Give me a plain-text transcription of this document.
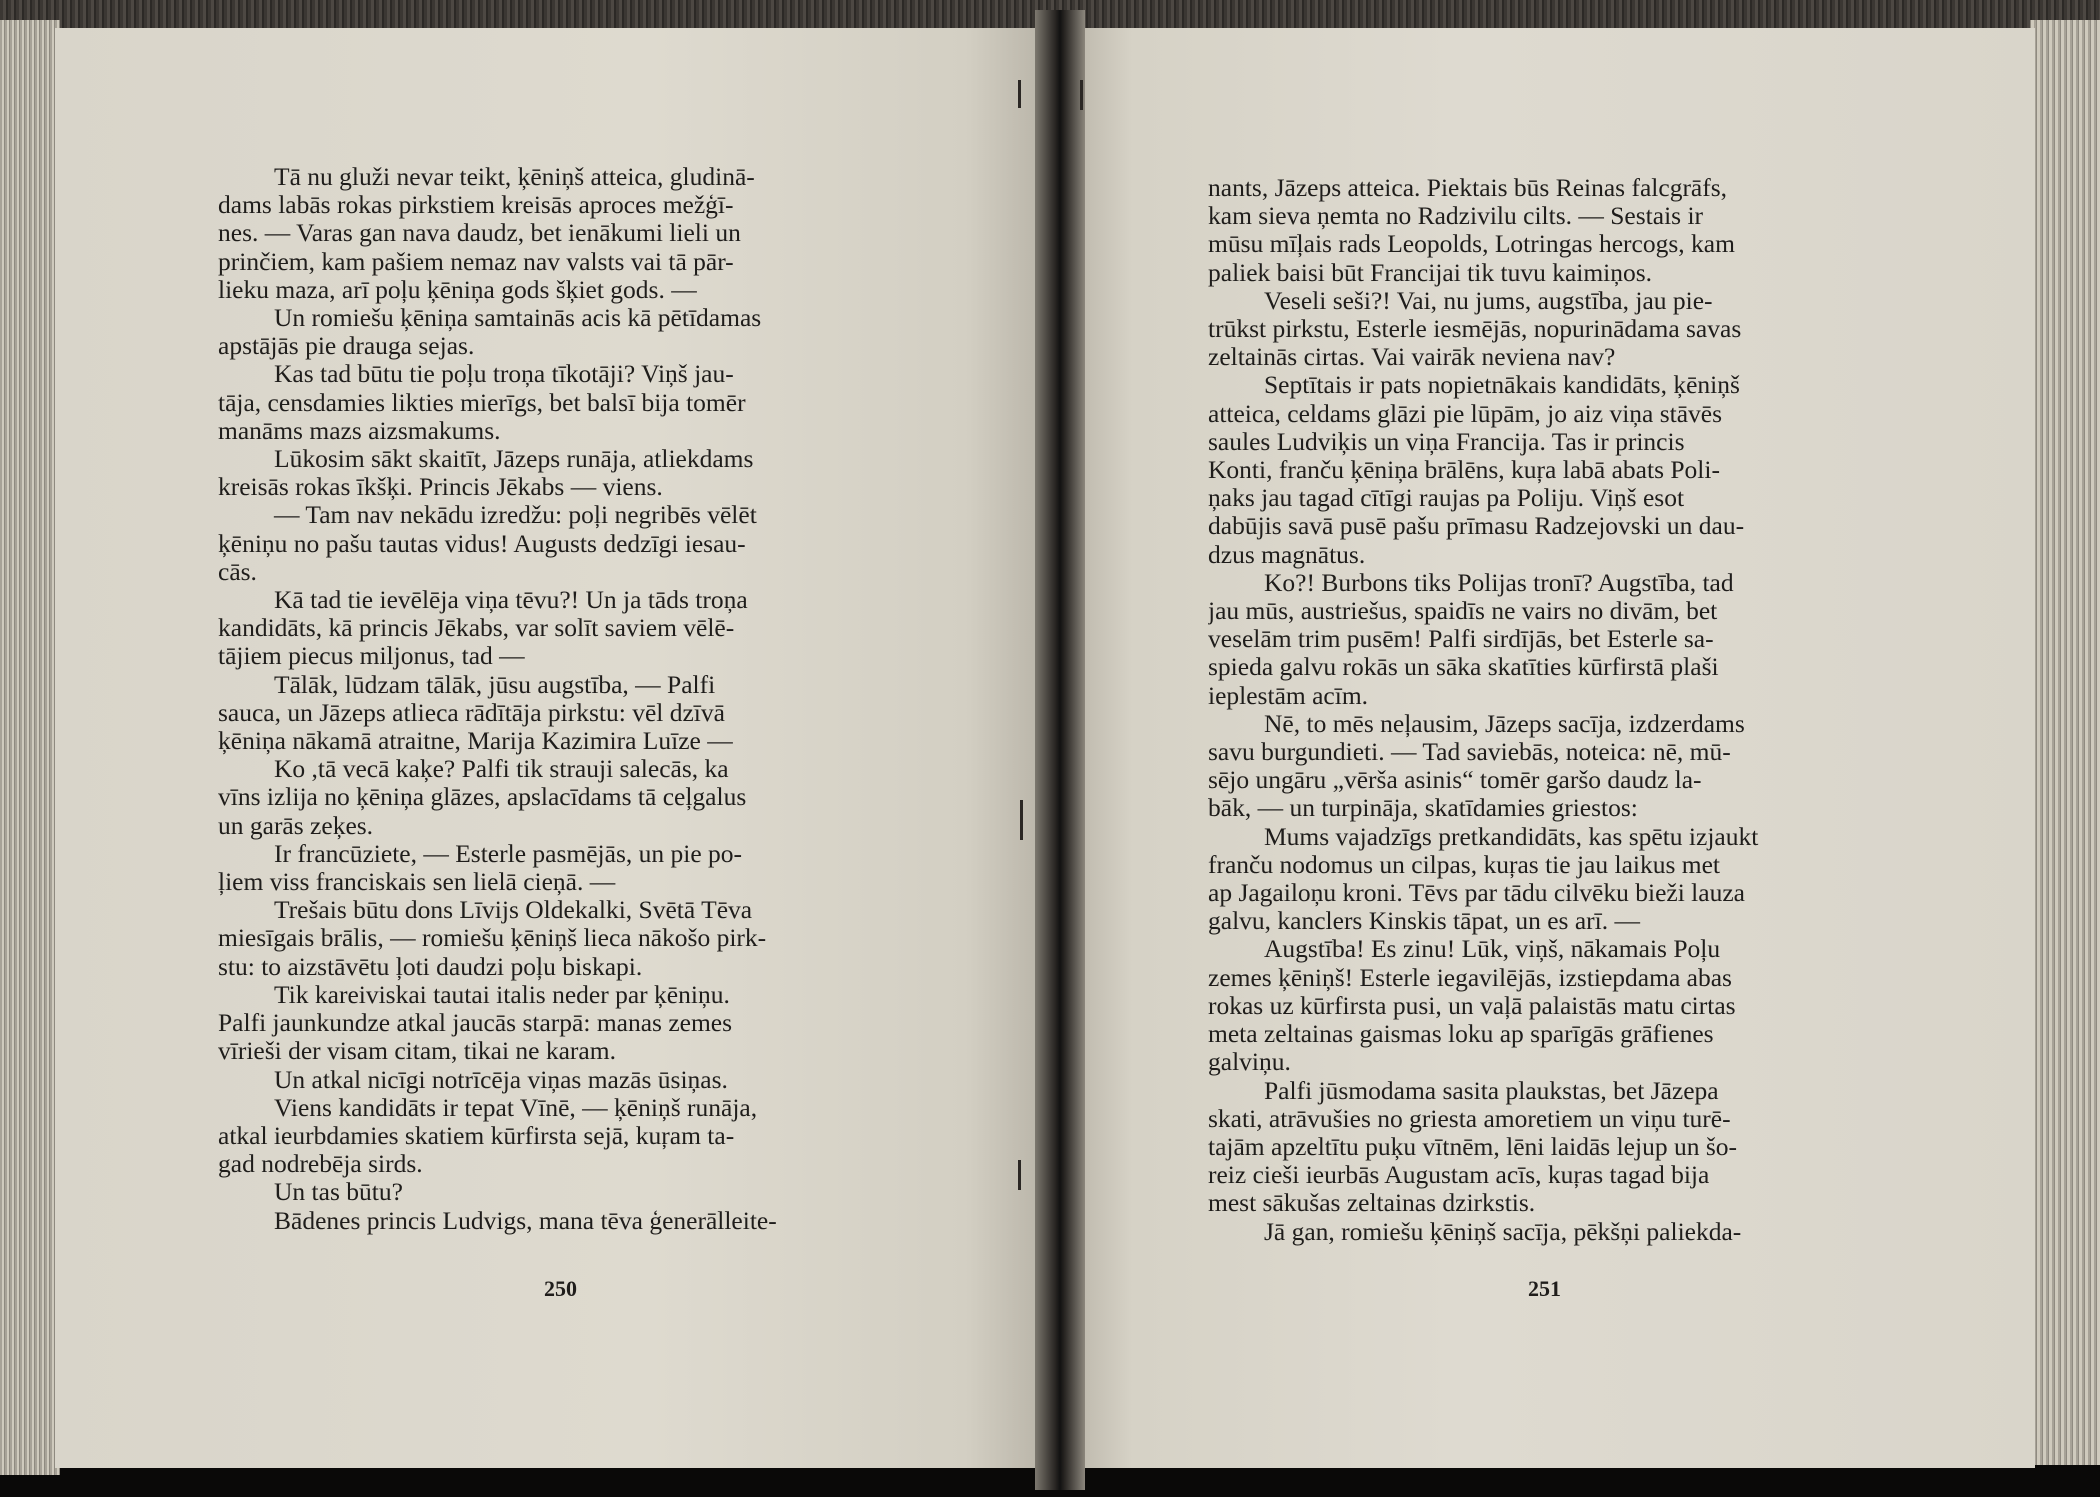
Tā nu gluži nevar teikt, ķēniņš atteica, gludinā-
dams labās rokas pirkstiem kreisās aproces mežģī-
nes. — Varas gan nava daudz, bet ienākumi lieli un
prinčiem, kam pašiem nemaz nav valsts vai tā pār-
lieku maza, arī poļu ķēniņa gods šķiet gods. —
Un romiešu ķēniņa samtainās acis kā pētīdamas
apstājās pie drauga sejas.
Kas tad būtu tie poļu troņa tīkotāji? Viņš jau-
tāja, censdamies likties mierīgs, bet balsī bija tomēr
manāms mazs aizsmakums.
Lūkosim sākt skaitīt, Jāzeps runāja, atliekdams
kreisās rokas īkšķi. Princis Jēkabs — viens.
— Tam nav nekādu izredžu: poļi negribēs vēlēt
ķēniņu no pašu tautas vidus! Augusts dedzīgi iesau-
cās.
Kā tad tie ievēlēja viņa tēvu?! Un ja tāds troņa
kandidāts, kā princis Jēkabs, var solīt saviem vēlē-
tājiem piecus miljonus, tad —
Tālāk, lūdzam tālāk, jūsu augstība, — Palfi
sauca, un Jāzeps atlieca rādītāja pirkstu: vēl dzīvā
ķēniņa nākamā atraitne, Marija Kazimira Luīze —
Ko ,tā vecā kaķe? Palfi tik strauji salecās, ka
vīns izlija no ķēniņa glāzes, apslacīdams tā ceļgalus
un garās zeķes.
Ir francūziete, — Esterle pasmējās, un pie po-
ļiem viss franciskais sen lielā cieņā. —
Trešais būtu dons Līvijs Oldekalki, Svētā Tēva
miesīgais brālis, — romiešu ķēniņš lieca nākošo pirk-
stu: to aizstāvētu ļoti daudzi poļu biskapi.
Tik kareiviskai tautai italis neder par ķēniņu.
Palfi jaunkundze atkal jaucās starpā: manas zemes
vīrieši der visam citam, tikai ne karam.
Un atkal nicīgi notrīcēja viņas mazās ūsiņas.
Viens kandidāts ir tepat Vīnē, — ķēniņš runāja,
atkal ieurbdamies skatiem kūrfirsta sejā, kuŗam ta-
gad nodrebēja sirds.
Un tas būtu?
Bādenes princis Ludvigs, mana tēva ģenerālleite-
nants, Jāzeps atteica. Piektais būs Reinas falcgrāfs,
kam sieva ņemta no Radzivilu cilts. — Sestais ir
mūsu mīļais rads Leopolds, Lotringas hercogs, kam
paliek baisi būt Francijai tik tuvu kaimiņos.
Veseli seši?! Vai, nu jums, augstība, jau pie-
trūkst pirkstu, Esterle iesmējās, nopurinādama savas
zeltainās cirtas. Vai vairāk neviena nav?
Septītais ir pats nopietnākais kandidāts, ķēniņš
atteica, celdams glāzi pie lūpām, jo aiz viņa stāvēs
saules Ludviķis un viņa Francija. Tas ir princis
Konti, franču ķēniņa brālēns, kuŗa labā abats Poli-
ņaks jau tagad cītīgi raujas pa Poliju. Viņš esot
dabūjis savā pusē pašu prīmasu Radzejovski un dau-
dzus magnātus.
Ko?! Burbons tiks Polijas tronī? Augstība, tad
jau mūs, austriešus, spaidīs ne vairs no divām, bet
veselām trim pusēm! Palfi sirdījās, bet Esterle sa-
spieda galvu rokās un sāka skatīties kūrfirstā plaši
ieplestām acīm.
Nē, to mēs neļausim, Jāzeps sacīja, izdzerdams
savu burgundieti. — Tad saviebās, noteica: nē, mū-
sējo ungāru „vērša asinis“ tomēr garšo daudz la-
bāk, — un turpināja, skatīdamies griestos:
Mums vajadzīgs pretkandidāts, kas spētu izjaukt
franču nodomus un cilpas, kuŗas tie jau laikus met
ap Jagailoņu kroni. Tēvs par tādu cilvēku bieži lauza
galvu, kanclers Kinskis tāpat, un es arī. —
Augstība! Es zinu! Lūk, viņš, nākamais Poļu
zemes ķēniņš! Esterle iegavilējās, izstiepdama abas
rokas uz kūrfirsta pusi, un vaļā palaistās matu cirtas
meta zeltainas gaismas loku ap sparīgās grāfienes
galviņu.
Palfi jūsmodama sasita plaukstas, bet Jāzepa
skati, atrāvušies no griesta amoretiem un viņu turē-
tajām apzeltītu puķu vītnēm, lēni laidās lejup un šo-
reiz cieši ieurbās Augustam acīs, kuŗas tagad bija
mest sākušas zeltainas dzirkstis.
Jā gan, romiešu ķēniņš sacīja, pēkšņi paliekda-
250	251
